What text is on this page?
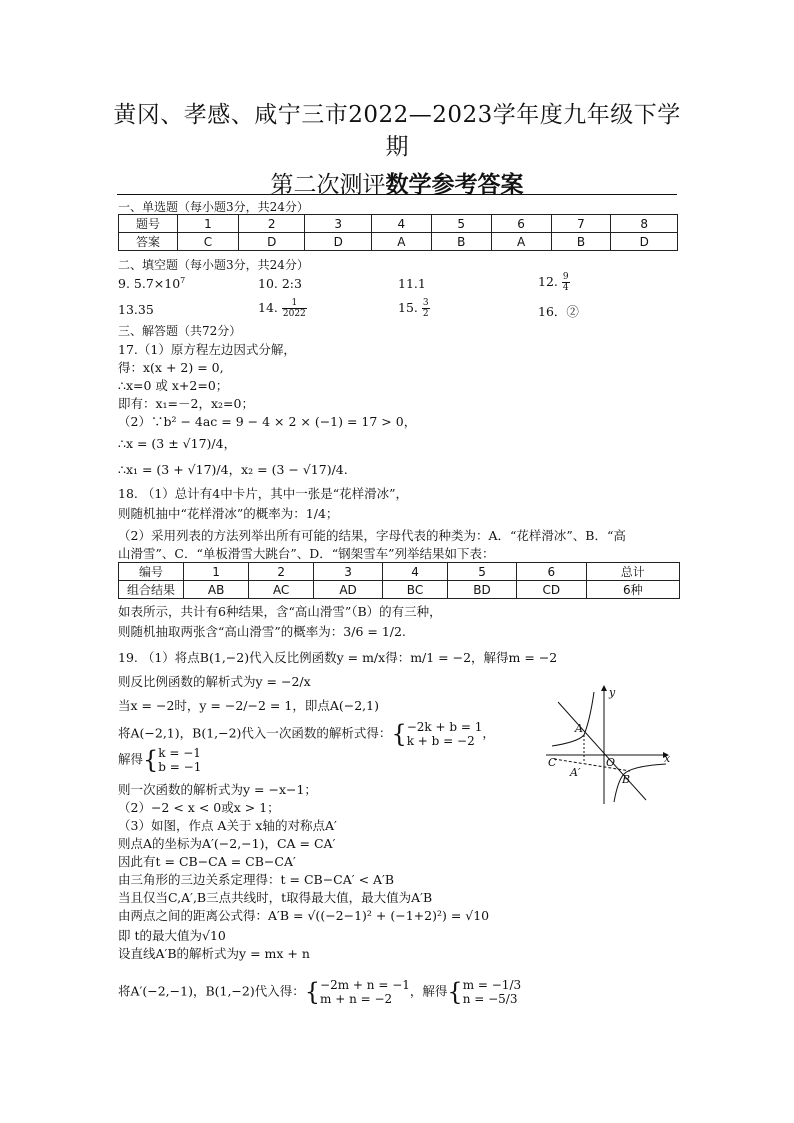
黄冈、孝感、咸宁三市2022—2023学年度九年级下学
期
第二次测评数学参考答案
一、单选题（每小题3分，共24分）
题号	1	2	3	4	5	6	7	8
答案	C	D	D	A	B	A	B	D
二、填空题（每小题3分，共24分）
9. $5.7\times 10^7$	10. 2:3	11.1	12. $\frac{9}{4}$
13.35	14. $\frac{1}{2022}$	15. $\frac{3}{2}$	16．②
三、解答题（共72分）
17.（1）原方程左边因式分解，
得：x(x + 2) = 0,
∴x=0 或 x+2=0；
即有：x₁=－2，x₂=0；
（2）∵b² − 4ac = 9 − 4 × 2 × (−1) = 17 > 0，
∴x = (3 ± √17)/4，
∴x₁ = (3 + √17)/4，x₂ = (3 − √17)/4.
18. （1）总计有4中卡片，其中一张是“花样滑冰”，
则随机抽中“花样滑冰”的概率为：1/4；
（2）采用列表的方法列举出所有可能的结果，字母代表的种类为：A．“花样滑冰”、B．“高
山滑雪”、C．“单板滑雪大跳台”、D．“钢架雪车”列举结果如下表：
编号	1	2	3	4	5	6	总计
组合结果	AB	AC	AD	BC	BD	CD	6种
如表所示，共计有6种结果，含“高山滑雪”（B）的有三种，
则随机抽取两张含“高山滑雪”的概率为：3/6 = 1/2.
19. （1）将点B(1,−2)代入反比例函数y = m/x得：m/1 = −2，解得m = −2
则反比例函数的解析式为y = −2/x
当x = −2时，y = −2/−2 = 1，即点A(−2,1)
将A(−2,1)，B(1,−2)代入一次函数的解析式得：{−2k + b = 1
k + b = −2，
解得{k = −1
b = −1
则一次函数的解析式为y = −x−1；
（2）−2 < x < 0或x > 1；
（3）如图，作点 A关于 x轴的对称点A′
则点A的坐标为A′(−2,−1)，CA = CA′
因此有t = CB−CA = CB−CA′
由三角形的三边关系定理得：t = CB−CA′ < A′B
当且仅当C,A′,B三点共线时，t取得最大值，最大值为A′B
由两点之间的距离公式得：A′B = √((−2−1)² + (−1+2)²) = √10
即 t的最大值为√10
设直线A′B的解析式为y = mx + n
将A′(−2,−1)，B(1,−2)代入得：{−2m + n = −1
m + n = −2，解得{m = −1/3
n = −5/3
y
x
O
A
A′
B
C
